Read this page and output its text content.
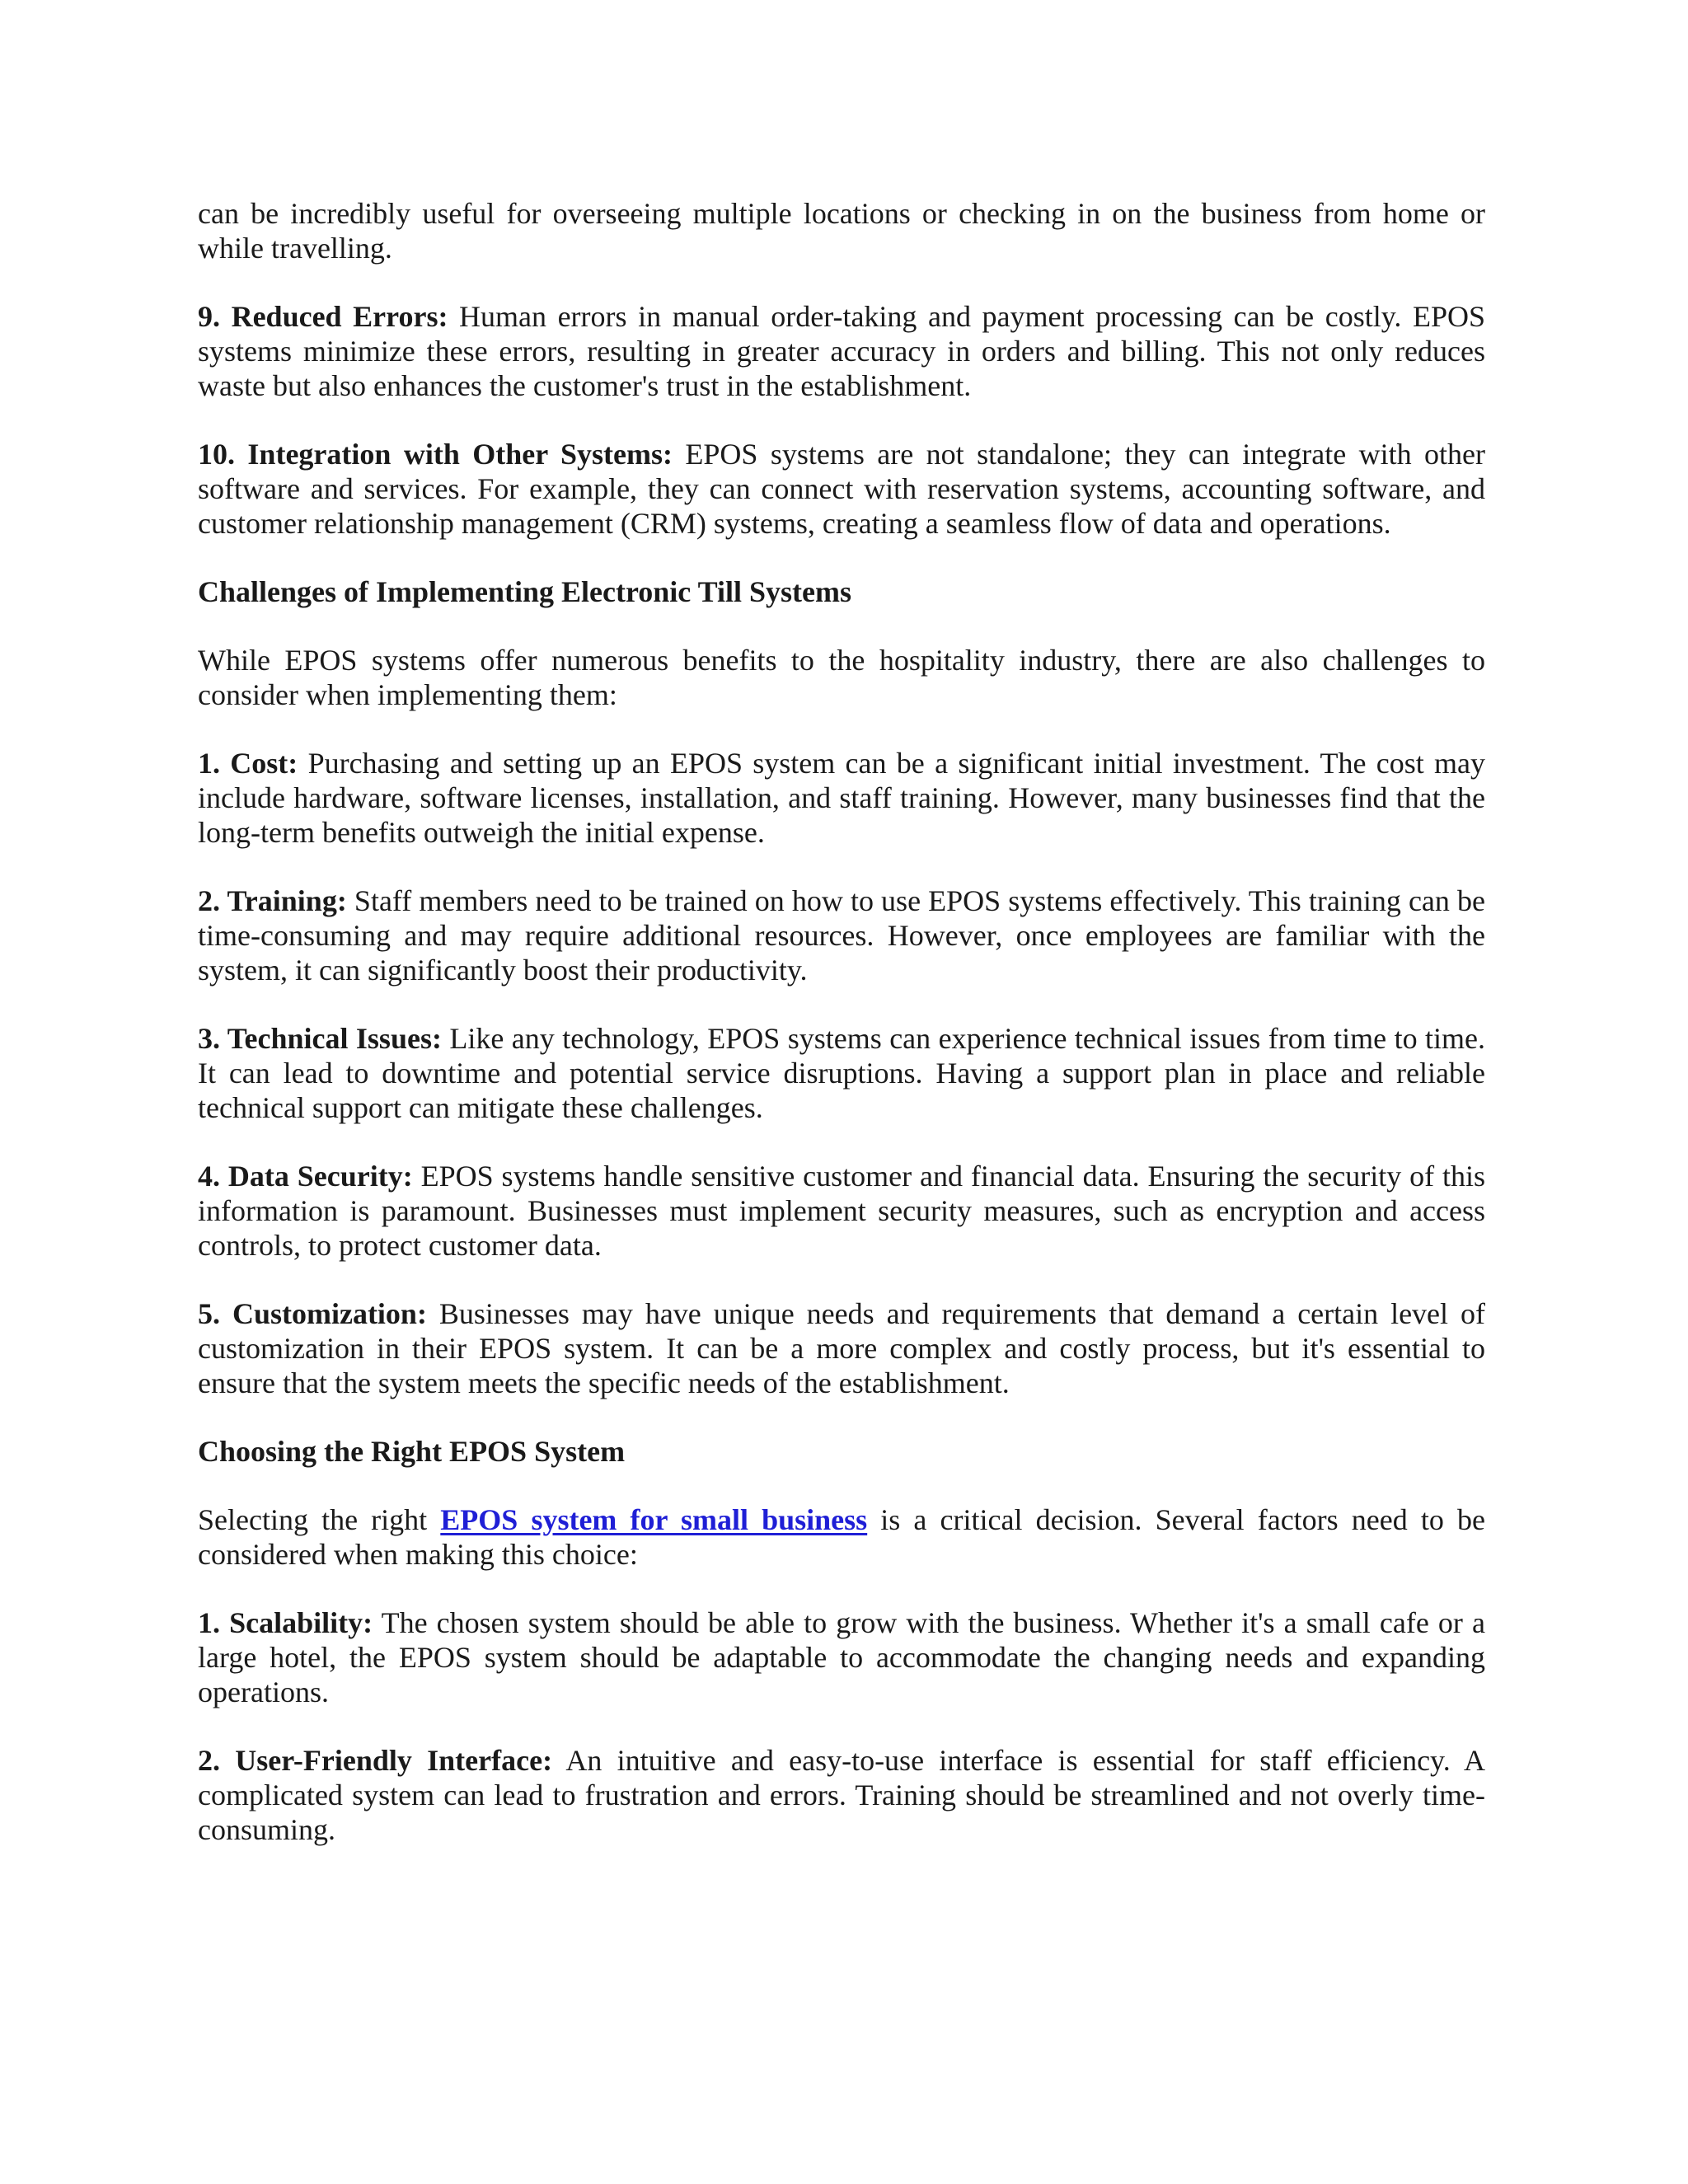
can be incredibly useful for overseeing multiple locations or checking in on the business from home or while travelling.

9. Reduced Errors: Human errors in manual order-taking and payment processing can be costly. EPOS systems minimize these errors, resulting in greater accuracy in orders and billing. This not only reduces waste but also enhances the customer's trust in the establishment.

10. Integration with Other Systems: EPOS systems are not standalone; they can integrate with other software and services. For example, they can connect with reservation systems, accounting software, and customer relationship management (CRM) systems, creating a seamless flow of data and operations.

Challenges of Implementing Electronic Till Systems

While EPOS systems offer numerous benefits to the hospitality industry, there are also challenges to consider when implementing them:

1. Cost: Purchasing and setting up an EPOS system can be a significant initial investment. The cost may include hardware, software licenses, installation, and staff training. However, many businesses find that the long-term benefits outweigh the initial expense.

2. Training: Staff members need to be trained on how to use EPOS systems effectively. This training can be time-consuming and may require additional resources. However, once employees are familiar with the system, it can significantly boost their productivity.

3. Technical Issues: Like any technology, EPOS systems can experience technical issues from time to time. It can lead to downtime and potential service disruptions. Having a support plan in place and reliable technical support can mitigate these challenges.

4. Data Security: EPOS systems handle sensitive customer and financial data. Ensuring the security of this information is paramount. Businesses must implement security measures, such as encryption and access controls, to protect customer data.

5. Customization: Businesses may have unique needs and requirements that demand a certain level of customization in their EPOS system. It can be a more complex and costly process, but it's essential to ensure that the system meets the specific needs of the establishment.

Choosing the Right EPOS System

Selecting the right EPOS system for small business is a critical decision. Several factors need to be considered when making this choice:

1. Scalability: The chosen system should be able to grow with the business. Whether it's a small cafe or a large hotel, the EPOS system should be adaptable to accommodate the changing needs and expanding operations.

2. User-Friendly Interface: An intuitive and easy-to-use interface is essential for staff efficiency. A complicated system can lead to frustration and errors. Training should be streamlined and not overly time-consuming.
